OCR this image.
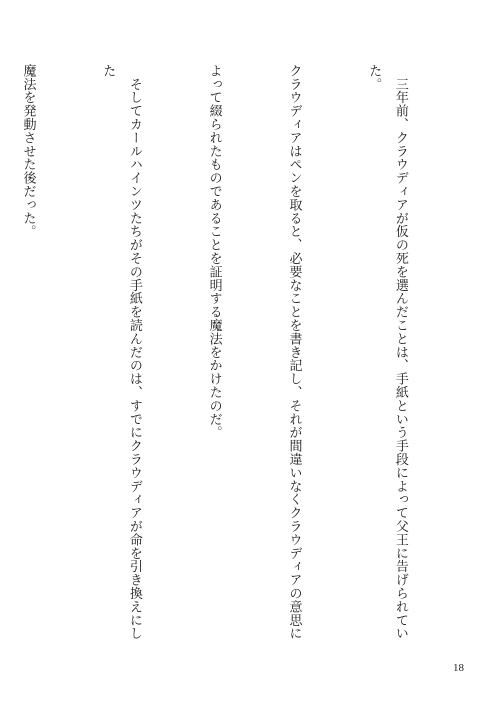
　三年前、クラウディアが仮の死を選んだことは、手紙という手段によって父王に告げられていた。

クラウディアはペンを取ると、必要なことを書き記し、それが間違いなくクラウディアの意思に

よって綴られたものであることを証明する魔法をかけたのだ。

　そしてカールハインツたちがその手紙を読んだのは、すでにクラウディアが命を引き換えにした

魔法を発動させた後だった。

18
